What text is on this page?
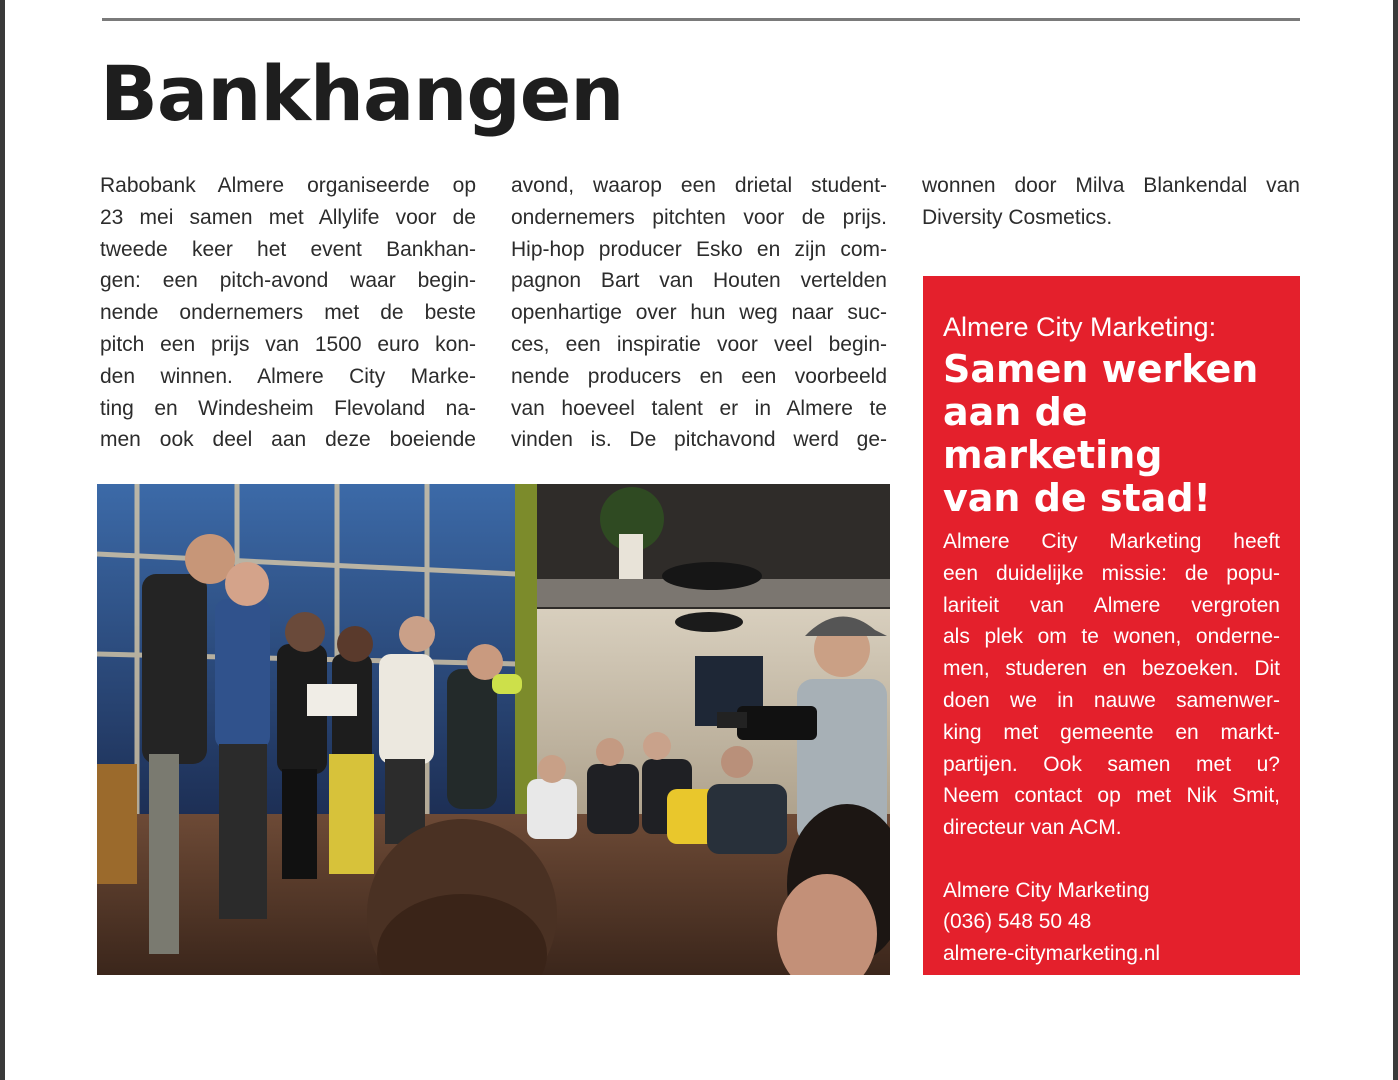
Bankhangen
Rabobank Almere organiseerde op
23 mei samen met Allylife voor de
tweede keer het event Bankhan-
gen: een pitch-avond waar begin-
nende ondernemers met de beste
pitch een prijs van 1500 euro kon-
den winnen. Almere City Marke-
ting en Windesheim Flevoland na-
men ook deel aan deze boeiende
avond, waarop een drietal student-
ondernemers pitchten voor de prijs.
Hip-hop producer Esko en zijn com-
pagnon Bart van Houten vertelden
openhartige over hun weg naar suc-
ces, een inspiratie voor veel begin-
nende producers en een voorbeeld
van hoeveel talent er in Almere te
vinden is. De pitchavond werd ge-
wonnen door Milva Blankendal van
Diversity Cosmetics.
Almere City Marketing:
Samen werken
aan de marketing
van de stad!
Almere City Marketing heeft
een duidelijke missie: de popu-
lariteit van Almere vergroten
als plek om te wonen, onderne-
men, studeren en bezoeken. Dit
doen we in nauwe samenwer-
king met gemeente en markt-
partijen. Ook samen met u?
Neem contact op met Nik Smit,
directeur van ACM.
Almere City Marketing
(036) 548 50 48
almere-citymarketing.nl
